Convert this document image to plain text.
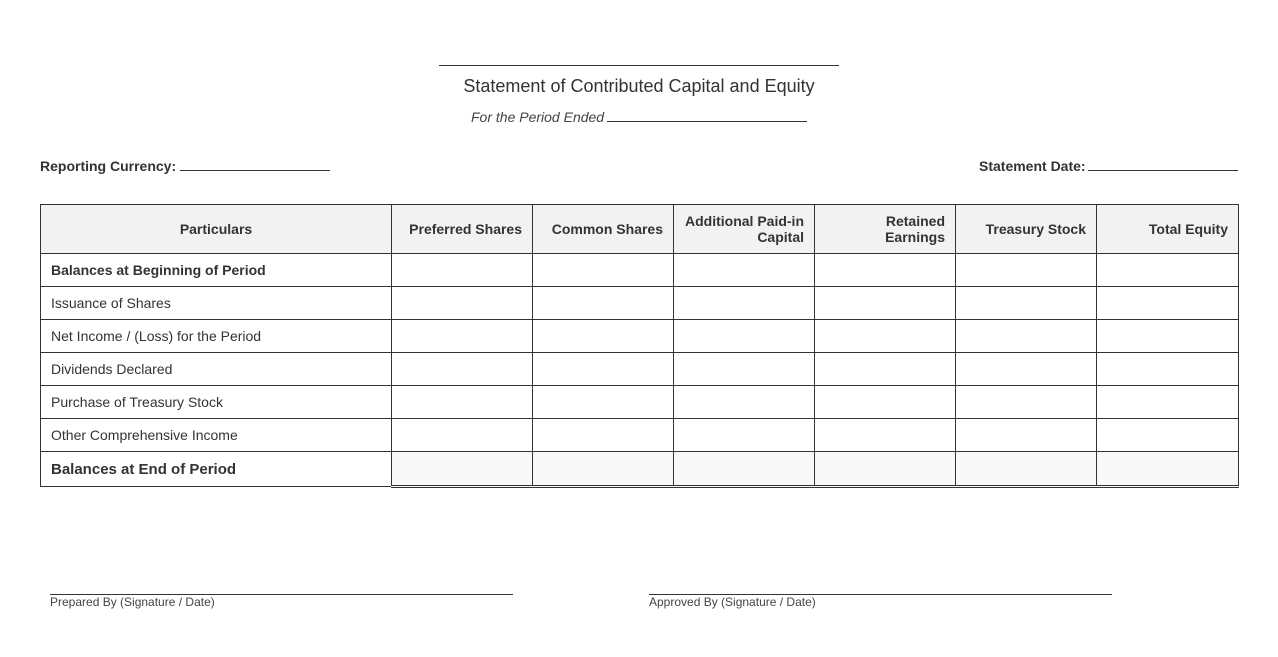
Statement of Contributed Capital and Equity
For the Period Ended
Reporting Currency:	Statement Date:
Particulars	Preferred Shares	Common Shares	Additional Paid-in Capital	Retained Earnings	Treasury Stock	Total Equity
Balances at Beginning of Period						
Issuance of Shares						
Net Income / (Loss) for the Period						
Dividends Declared						
Purchase of Treasury Stock						
Other Comprehensive Income						
Balances at End of Period						
Prepared By (Signature / Date)	Approved By (Signature / Date)
